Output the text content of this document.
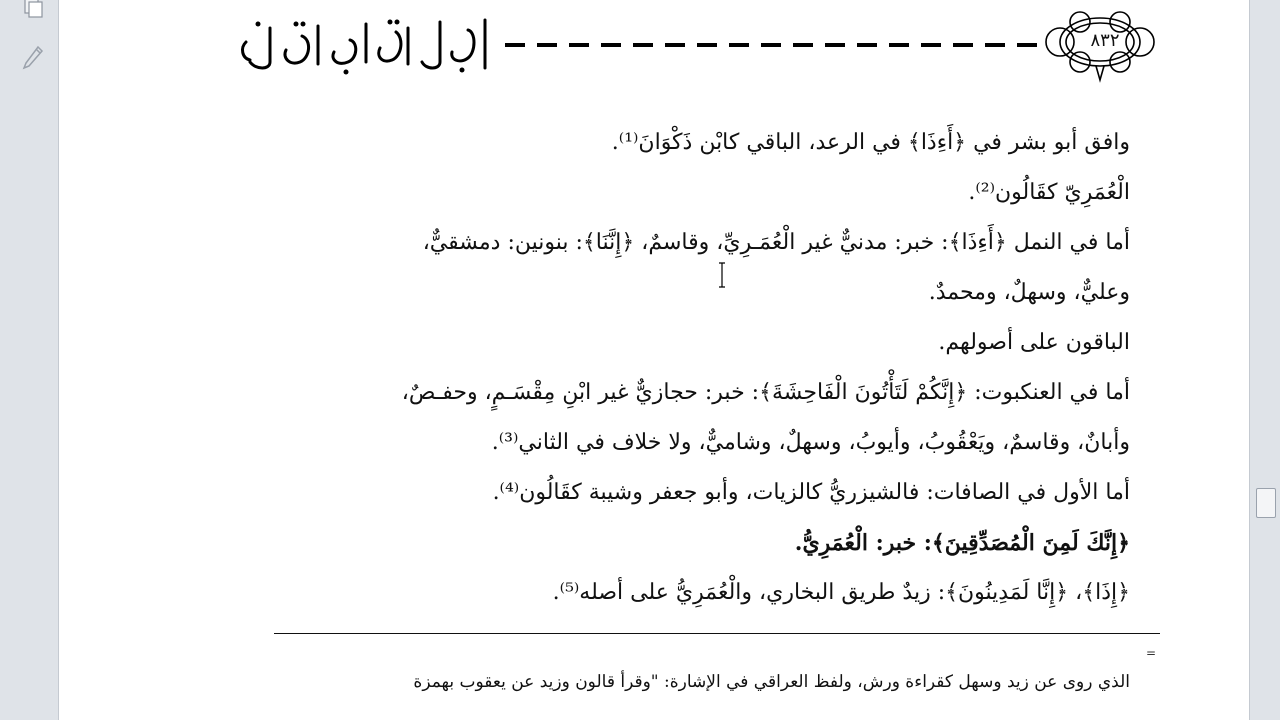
الكامل في القراءات
٨٣٢

وافق أبو بشر في ﴿أَءِذَا﴾ في الرعد، الباقي كابْن ذَكْوَانَ⁽¹⁾.

الْعُمَرِيّ كقَالُون⁽²⁾.

أما في النمل ﴿أَءِذَا﴾: خبر: مدنيٌّ غير الْعُمَـرِيِّ، وقاسمٌ، ﴿إِنَّنَا﴾: بنونين: دمشقيٌّ،

وعليٌّ، وسهلٌ، ومحمدٌ.

الباقون على أصولهم.

أما في العنكبوت: ﴿إِنَّكُمْ لَتَأْتُونَ الْفَاحِشَةَ﴾: خبر: حجازيٌّ غير ابْنِ مِقْسَـمٍ، وحفـصٌ،

وأبانٌ، وقاسمٌ، ويَعْقُوبُ، وأيوبُ، وسهلٌ، وشاميٌّ، ولا خلاف في الثاني⁽³⁾.

أما الأول في الصافات: فالشيزريُّ كالزيات، وأبو جعفر وشيبة كقَالُون⁽⁴⁾.

﴿إِنَّكَ لَمِنَ الْمُصَدِّقِينَ﴾: خبر: الْعُمَرِيُّ.

﴿إِذَا﴾، ﴿إِنَّا لَمَدِينُونَ﴾: زيدٌ طريق البخاري، والْعُمَرِيُّ على أصله⁽⁵⁾.

=
الذي روى عن زيد وسهل كقراءة ورش، ولفظ العراقي في الإشارة: "وقرأ قالون وزيد عن يعقوب بهمزة
